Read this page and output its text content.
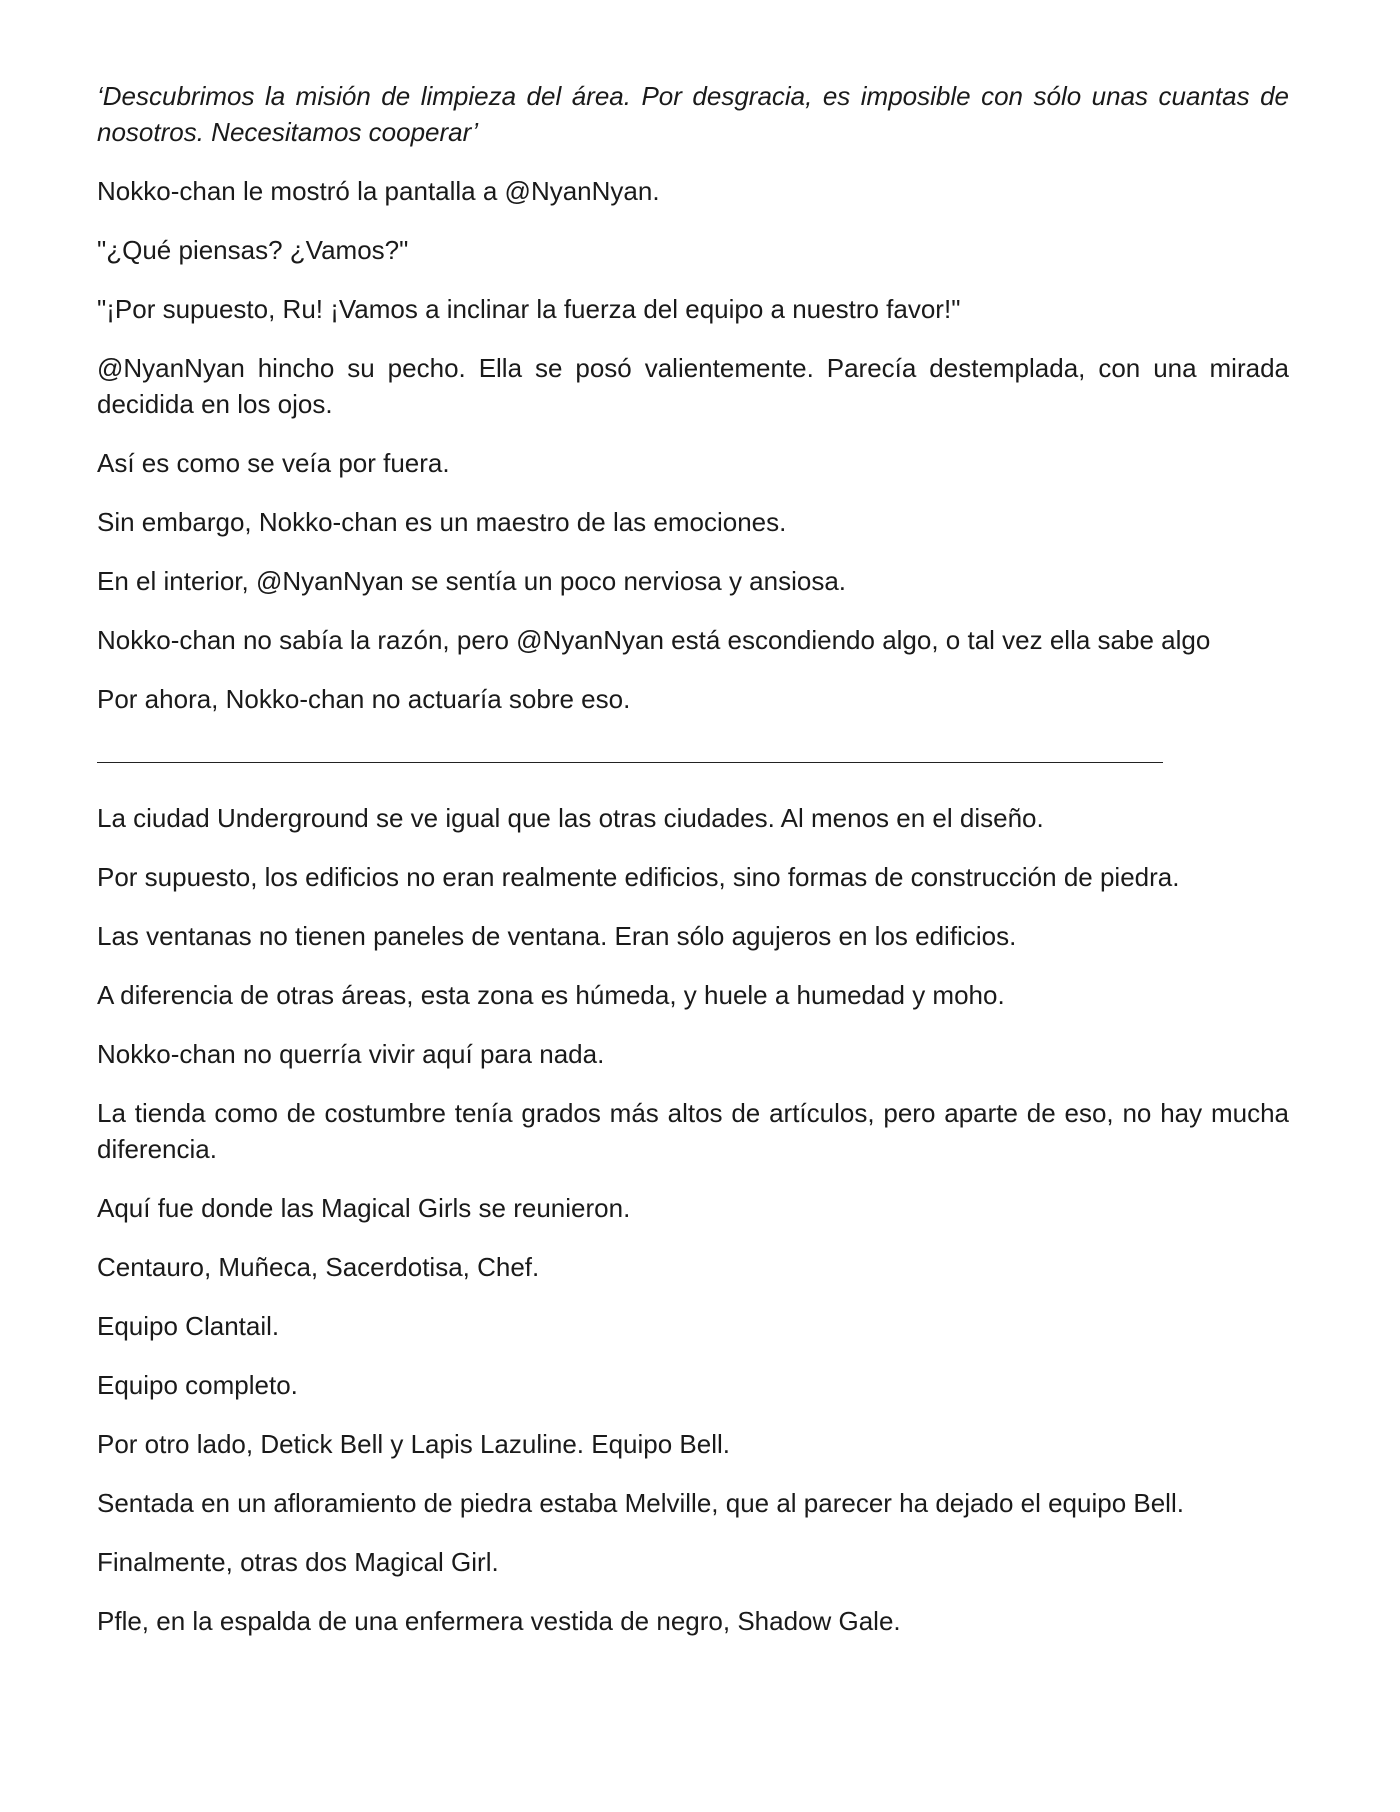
‘Descubrimos la misión de limpieza del área. Por desgracia, es imposible con sólo unas cuantas de nosotros. Necesitamos cooperar’

Nokko-chan le mostró la pantalla a @NyanNyan.

"¿Qué piensas? ¿Vamos?"

"¡Por supuesto, Ru! ¡Vamos a inclinar la fuerza del equipo a nuestro favor!"

@NyanNyan hincho su pecho. Ella se posó valientemente. Parecía destemplada, con una mirada decidida en los ojos.

Así es como se veía por fuera.

Sin embargo, Nokko-chan es un maestro de las emociones.

En el interior, @NyanNyan se sentía un poco nerviosa y ansiosa.

Nokko-chan no sabía la razón, pero @NyanNyan está escondiendo algo, o tal vez ella sabe algo

Por ahora, Nokko-chan no actuaría sobre eso.

La ciudad Underground se ve igual que las otras ciudades. Al menos en el diseño.

Por supuesto, los edificios no eran realmente edificios, sino formas de construcción de piedra.

Las ventanas no tienen paneles de ventana. Eran sólo agujeros en los edificios.

A diferencia de otras áreas, esta zona es húmeda, y huele a humedad y moho.

Nokko-chan no querría vivir aquí para nada.

La tienda como de costumbre tenía grados más altos de artículos, pero aparte de eso, no hay mucha diferencia.

Aquí fue donde las Magical Girls se reunieron.

Centauro, Muñeca, Sacerdotisa, Chef.

Equipo Clantail.

Equipo completo.

Por otro lado, Detick Bell y Lapis Lazuline. Equipo Bell.

Sentada en un afloramiento de piedra estaba Melville, que al parecer ha dejado el equipo Bell.

Finalmente, otras dos Magical Girl.

Pfle, en la espalda de una enfermera vestida de negro, Shadow Gale.
